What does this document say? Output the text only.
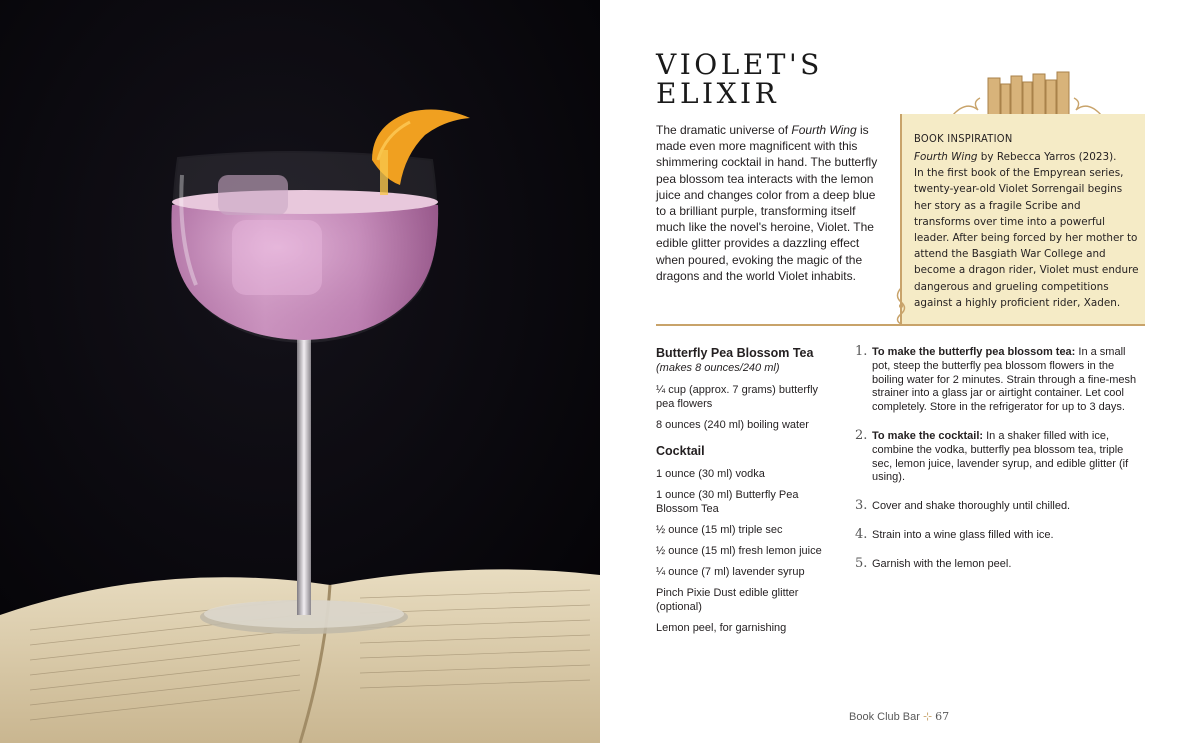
VIOLET'S
ELIXIR

The dramatic universe of Fourth Wing is made even more magnificent with this shimmering cocktail in hand. The butterfly pea blossom tea interacts with the lemon juice and changes color from a deep blue to a brilliant purple, transforming itself much like the novel's heroine, Violet. The edible glitter provides a dazzling effect when poured, evoking the magic of the dragons and the world Violet inhabits.

BOOK INSPIRATION

Fourth Wing by Rebecca Yarros (2023).
In the first book of the Empyrean series, twenty-year-old Violet Sorrengail begins her story as a fragile Scribe and transforms over time into a powerful leader. After being forced by her mother to attend the Basgiath War College and become a dragon rider, Violet must endure dangerous and grueling competitions against a highly proficient rider, Xaden.

Butterfly Pea Blossom Tea
(makes 8 ounces/240 ml)
¼ cup (approx. 7 grams) butterfly pea flowers
8 ounces (240 ml) boiling water
Cocktail
1 ounce (30 ml) vodka
1 ounce (30 ml) Butterfly Pea Blossom Tea
½ ounce (15 ml) triple sec
½ ounce (15 ml) fresh lemon juice
¼ ounce (7 ml) lavender syrup
Pinch Pixie Dust edible glitter (optional)
Lemon peel, for garnishing
1. To make the butterfly pea blossom tea: In a small pot, steep the butterfly pea blossom flowers in the boiling water for 2 minutes. Strain through a fine-mesh strainer into a glass jar or airtight container. Let cool completely. Store in the refrigerator for up to 3 days.
2. To make the cocktail: In a shaker filled with ice, combine the vodka, butterfly pea blossom tea, triple sec, lemon juice, lavender syrup, and edible glitter (if using).
3. Cover and shake thoroughly until chilled.
4. Strain into a wine glass filled with ice.
5. Garnish with the lemon peel.
Book Club Bar ⊹ 67
